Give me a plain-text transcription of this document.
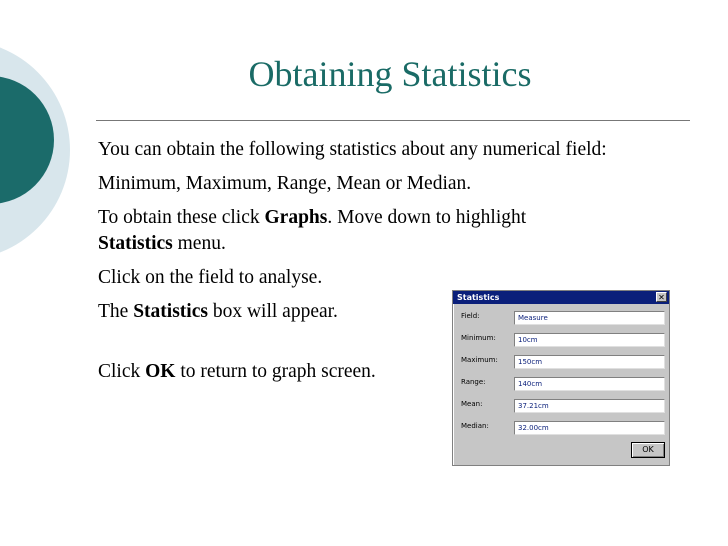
Obtaining Statistics

You can obtain the following statistics about any numerical field:

Minimum, Maximum, Range, Mean or Median.

To obtain these click Graphs. Move down to highlight
Statistics menu.

Click on the field to analyse.

The Statistics box will appear.

Click OK to return to graph screen.

Statistics	✕
Field:	Measure
Minimum:	10cm
Maximum:	150cm
Range:	140cm
Mean:	37.21cm
Median:	32.00cm
OK
